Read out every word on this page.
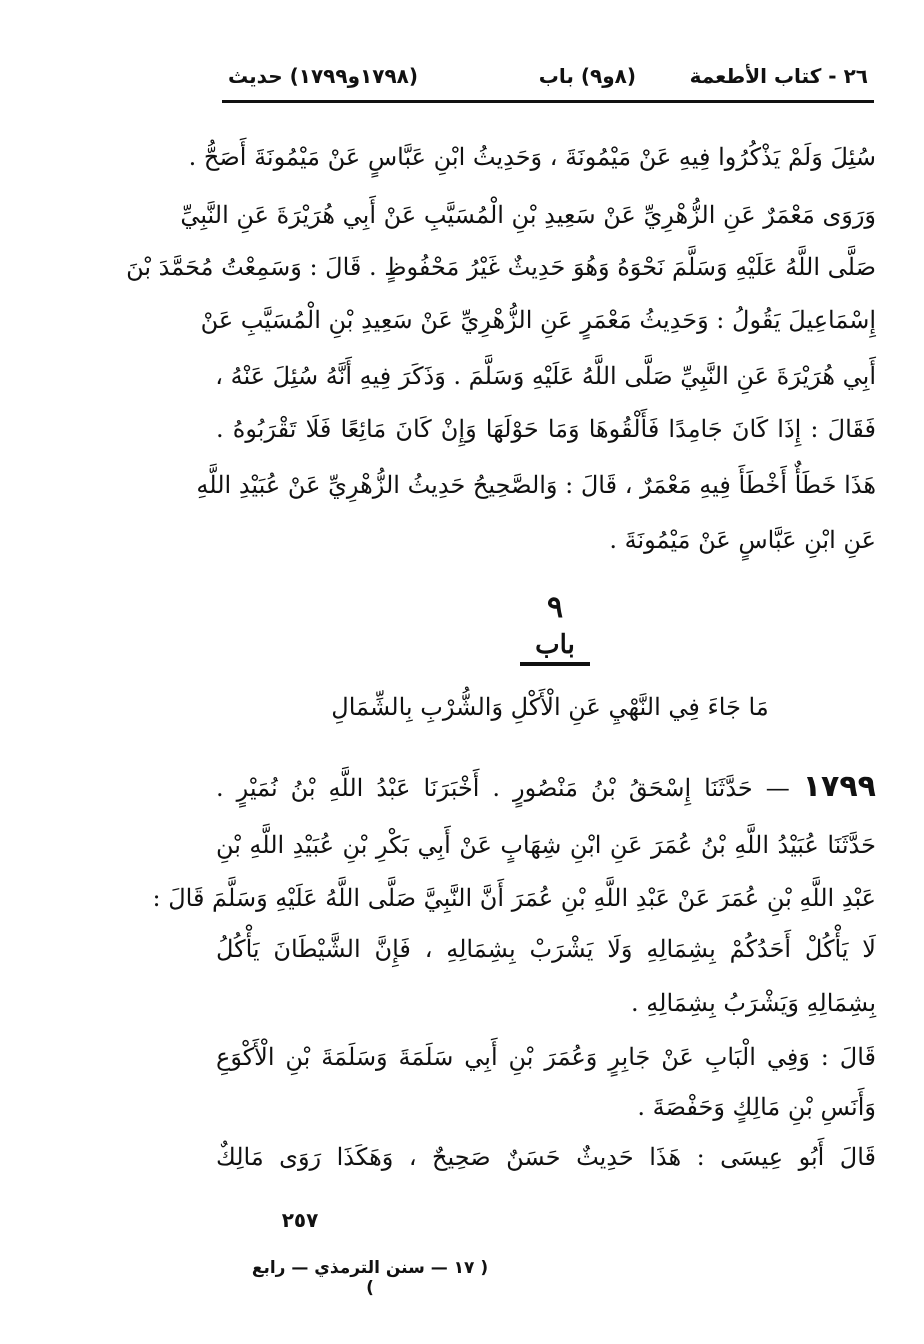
٢٦ - كتاب الأطعمة
(٨و٩) باب
(١٧٩٨و١٧٩٩) حديث
سُئِلَ وَلَمْ يَذْكُرُوا فِيهِ عَنْ مَيْمُونَةَ ، وَحَدِيثُ ابْنِ عَبَّاسٍ عَنْ مَيْمُونَةَ أَصَحُّ .
وَرَوَى مَعْمَرٌ عَنِ الزُّهْرِيِّ عَنْ سَعِيدِ بْنِ الْمُسَيَّبِ عَنْ أَبِي هُرَيْرَةَ عَنِ النَّبِيِّ
صَلَّى اللَّهُ عَلَيْهِ وَسَلَّمَ نَحْوَهُ وَهُوَ حَدِيثٌ غَيْرُ مَحْفُوظٍ . قَالَ : وَسَمِعْتُ مُحَمَّدَ بْنَ
إِسْمَاعِيلَ يَقُولُ : وَحَدِيثُ مَعْمَرٍ عَنِ الزُّهْرِيِّ عَنْ سَعِيدِ بْنِ الْمُسَيَّبِ عَنْ
أَبِي هُرَيْرَةَ عَنِ النَّبِيِّ صَلَّى اللَّهُ عَلَيْهِ وَسَلَّمَ . وَذَكَرَ فِيهِ أَنَّهُ سُئِلَ عَنْهُ ،
فَقَالَ : إِذَا كَانَ جَامِدًا فَأَلْقُوهَا وَمَا حَوْلَهَا وَإِنْ كَانَ مَائِعًا فَلَا تَقْرَبُوهُ .
هَذَا خَطَأٌ أَخْطَأَ فِيهِ مَعْمَرٌ ، قَالَ : وَالصَّحِيحُ حَدِيثُ الزُّهْرِيِّ عَنْ عُبَيْدِ اللَّهِ
عَنِ ابْنِ عَبَّاسٍ عَنْ مَيْمُونَةَ .
٩
باب
مَا جَاءَ فِي النَّهْيِ عَنِ الْأَكْلِ وَالشُّرْبِ بِالشِّمَالِ
١٧٩٩ — حَدَّثَنَا إِسْحَقُ بْنُ مَنْصُورٍ . أَخْبَرَنَا عَبْدُ اللَّهِ بْنُ نُمَيْرٍ .
حَدَّثَنَا عُبَيْدُ اللَّهِ بْنُ عُمَرَ عَنِ ابْنِ شِهَابٍ عَنْ أَبِي بَكْرِ بْنِ عُبَيْدِ اللَّهِ بْنِ
عَبْدِ اللَّهِ بْنِ عُمَرَ عَنْ عَبْدِ اللَّهِ بْنِ عُمَرَ أَنَّ النَّبِيَّ صَلَّى اللَّهُ عَلَيْهِ وَسَلَّمَ قَالَ :
لَا يَأْكُلْ أَحَدُكُمْ بِشِمَالِهِ وَلَا يَشْرَبْ بِشِمَالِهِ ، فَإِنَّ الشَّيْطَانَ يَأْكُلُ
بِشِمَالِهِ وَيَشْرَبُ بِشِمَالِهِ .
قَالَ : وَفِي الْبَابِ عَنْ جَابِرٍ وَعُمَرَ بْنِ أَبِي سَلَمَةَ وَسَلَمَةَ بْنِ الْأَكْوَعِ
وَأَنَسِ بْنِ مَالِكٍ وَحَفْصَةَ .
قَالَ أَبُو عِيسَى : هَذَا حَدِيثٌ حَسَنٌ صَحِيحٌ ، وَهَكَذَا رَوَى مَالِكٌ
٢٥٧
( ١٧ — سنن الترمذي — رابع )
